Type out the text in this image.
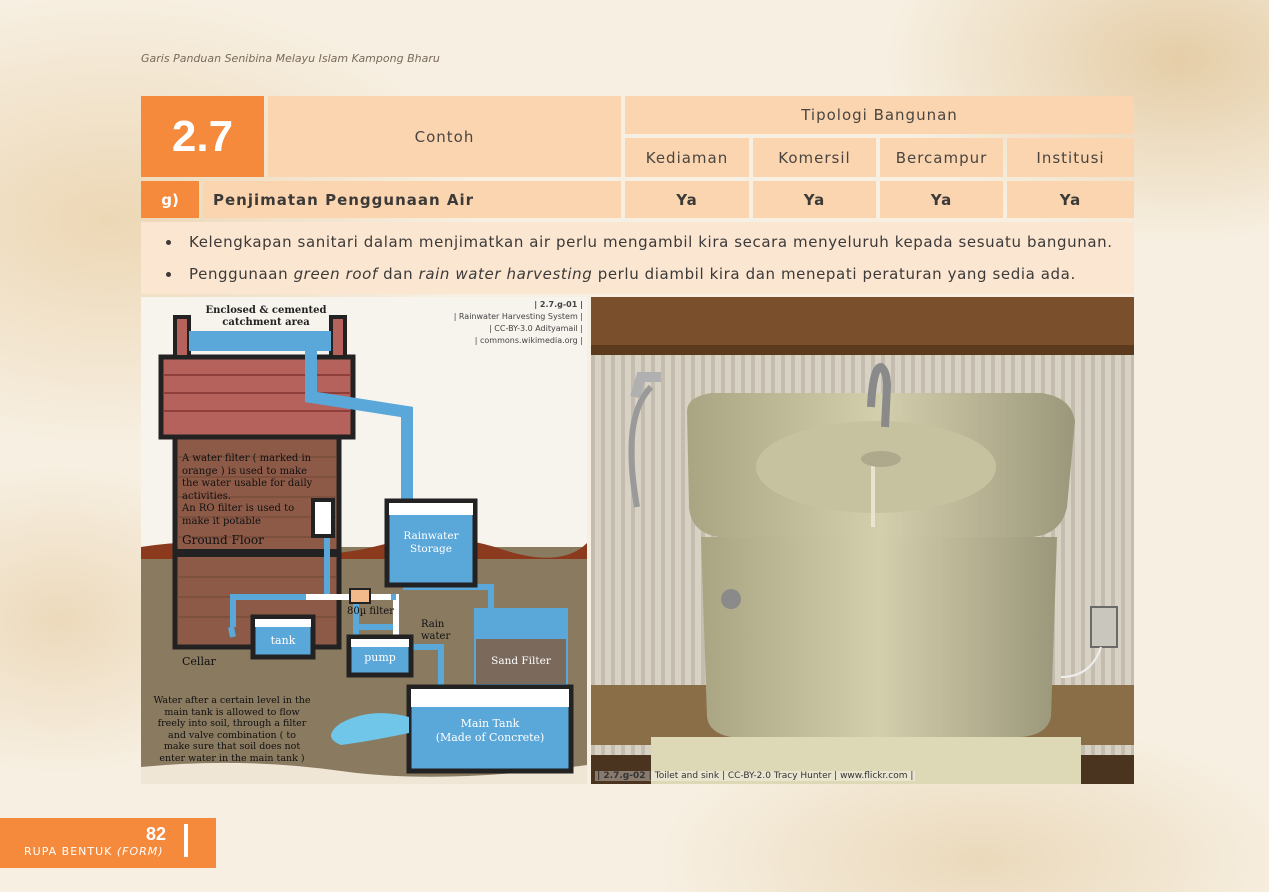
Garis Panduan Senibina Melayu Islam Kampong Bharu
2.7	Contoh
Tipologi Bangunan
Kediaman	Komersil	Bercampur	Institusi
g) Penjimatan Penggunaan Air	Ya	Ya	Ya	Ya
Kelengkapan sanitari dalam menjimatkan air perlu mengambil kira secara menyeluruh kepada sesuatu bangunan.
Penggunaan green roof dan rain water harvesting perlu diambil kira dan menepati peraturan yang sedia ada.
| 2.7.g-01 |
| Rainwater Harvesting System |
| CC-BY-3.0 Adityamail |
| commons.wikimedia.org |
Enclosed & cemented
catchment area
A water filter ( marked in
orange ) is used to make
the water usable for daily
activities.
An RO filter is used to
make it potable
Ground Floor	Rainwater
Storage
80µ filter
Rain
water
tank
pump	Sand Filter
Cellar
Water after a certain level in the
main tank is allowed to flow
freely into soil, through a filter
and valve combination ( to
make sure that soil does not
enter water in the main tank )
Main Tank
(Made of Concrete)
| 2.7.g-02 | Toilet and sink | CC-BY-2.0 Tracy Hunter | www.flickr.com |
RUPA BENTUK (FORM)
82
